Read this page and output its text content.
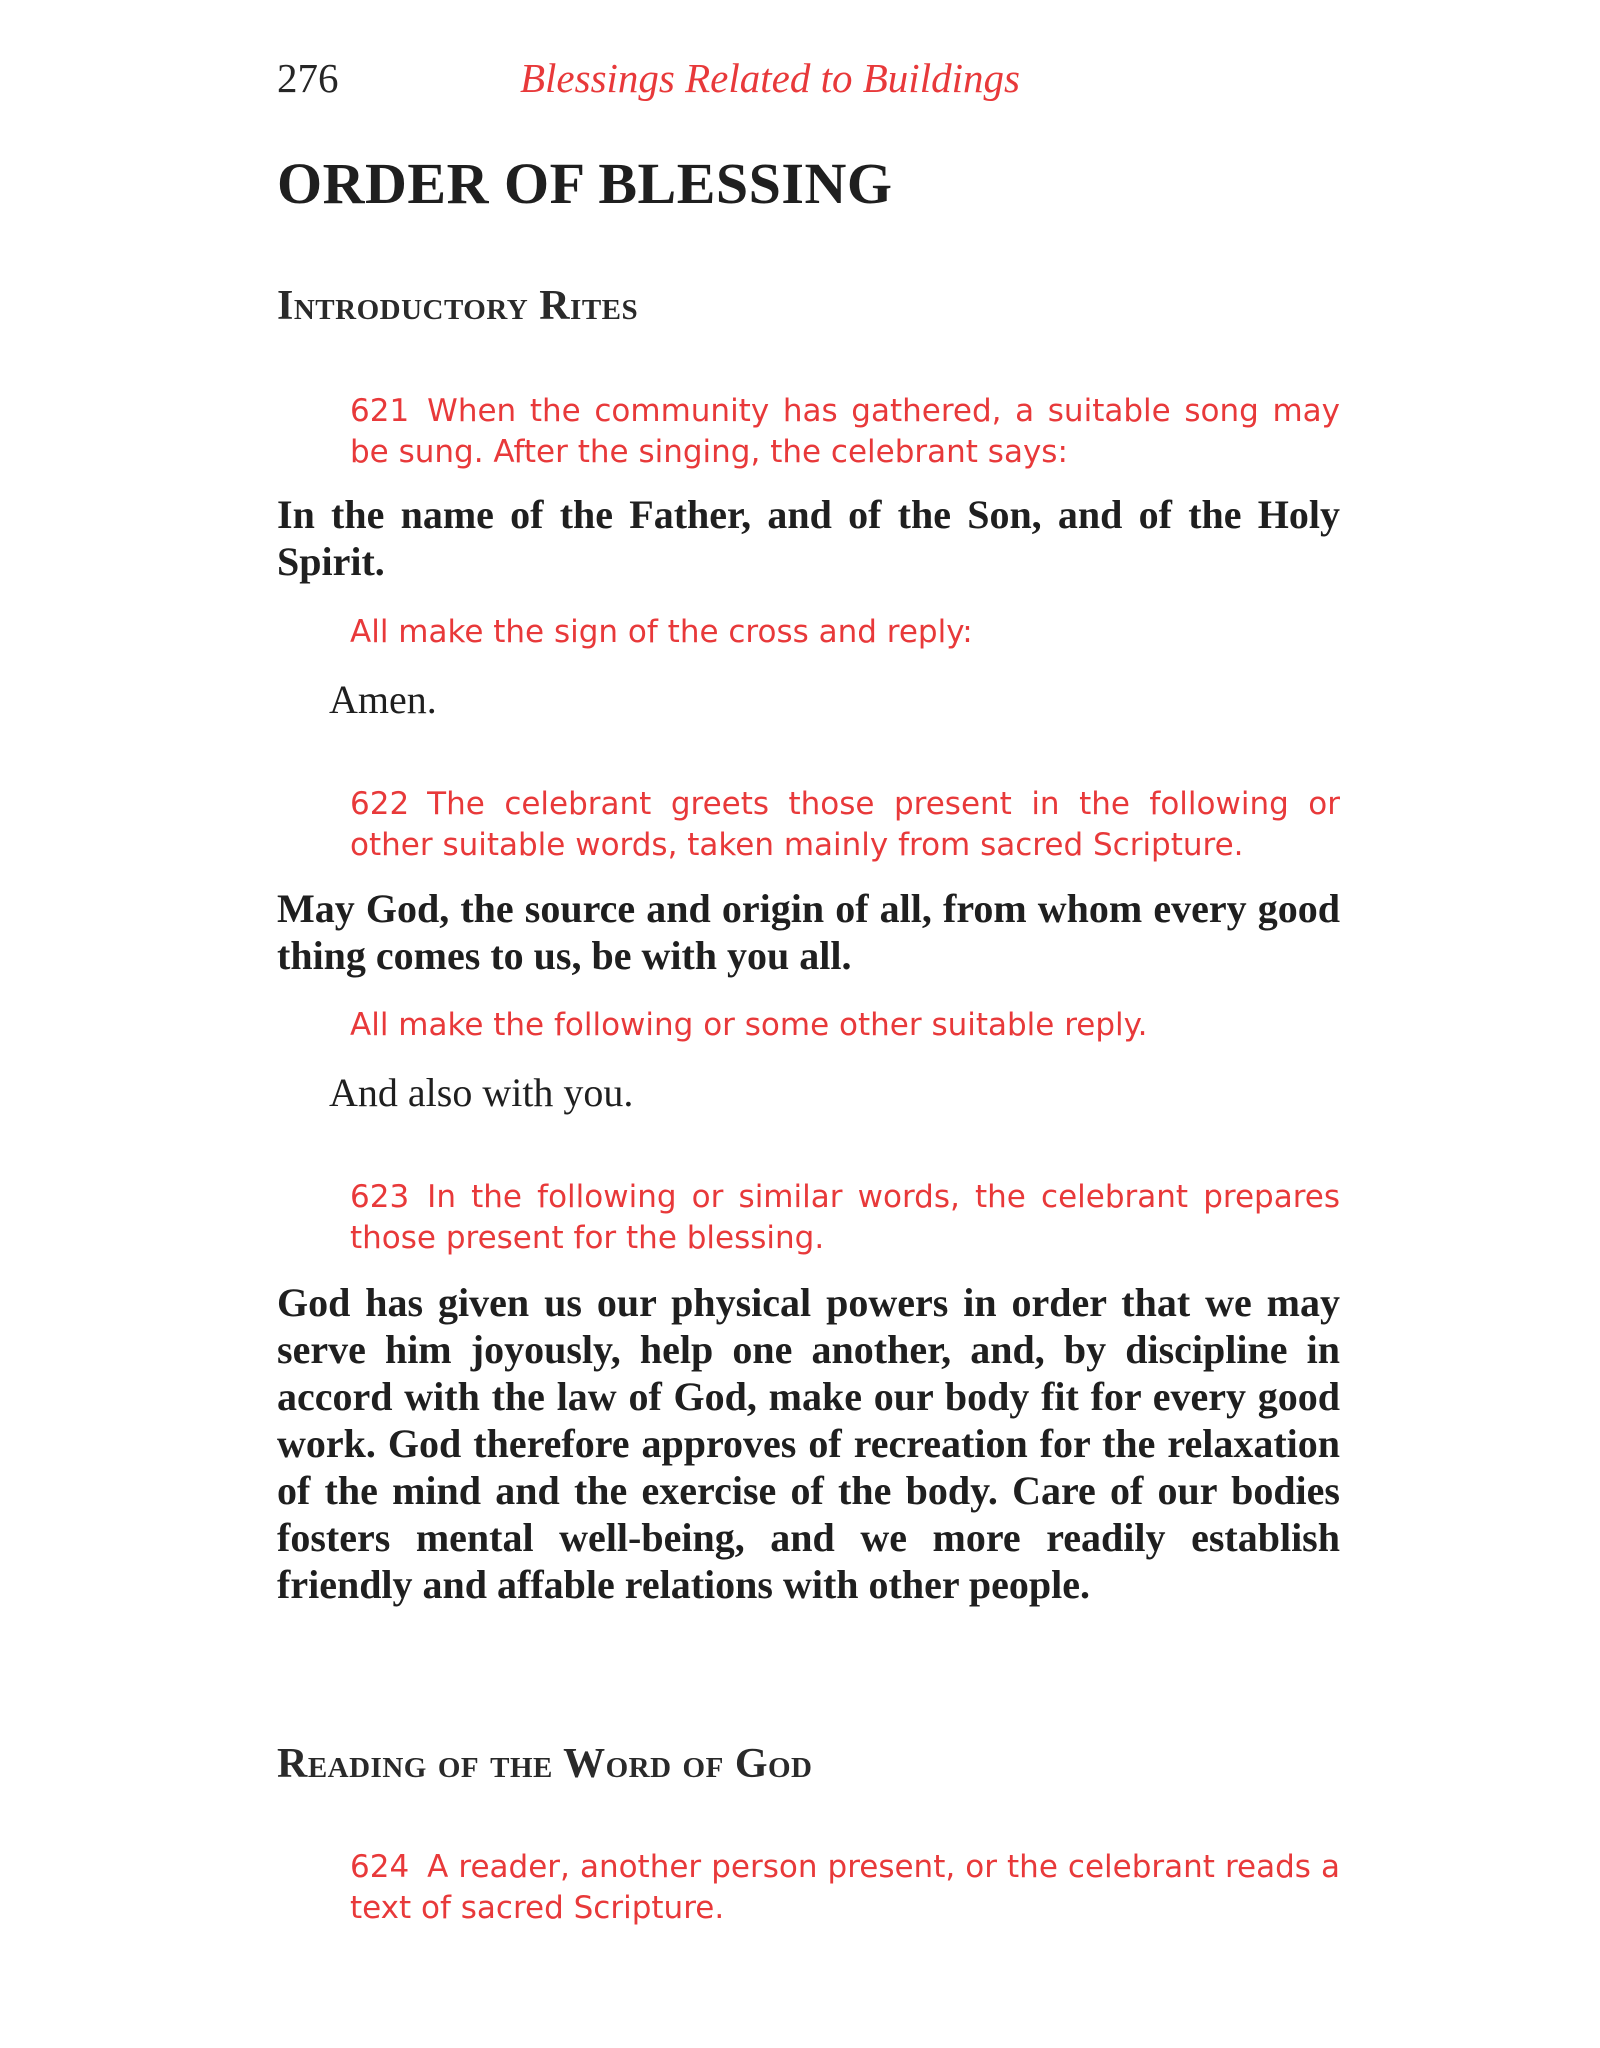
276	Blessings Related to Buildings
ORDER OF BLESSING
Introductory Rites

621 When the community has gathered, a suitable song may be sung. After the singing, the celebrant says:

In the name of the Father, and of the Son, and of the Holy Spirit.

All make the sign of the cross and reply:

Amen.

622 The celebrant greets those present in the following or other suitable words, taken mainly from sacred Scripture.

May God, the source and origin of all, from whom every good thing comes to us, be with you all.

All make the following or some other suitable reply.

And also with you.

623 In the following or similar words, the celebrant prepares those present for the blessing.

God has given us our physical powers in order that we may serve him joyously, help one another, and, by discipline in accord with the law of God, make our body fit for every good work. God therefore approves of recreation for the relaxation of the mind and the exercise of the body. Care of our bodies fosters mental well-being, and we more readily establish friendly and affable relations with other people.

Reading of the Word of God

624 A reader, another person present, or the celebrant reads a text of sacred Scripture.
